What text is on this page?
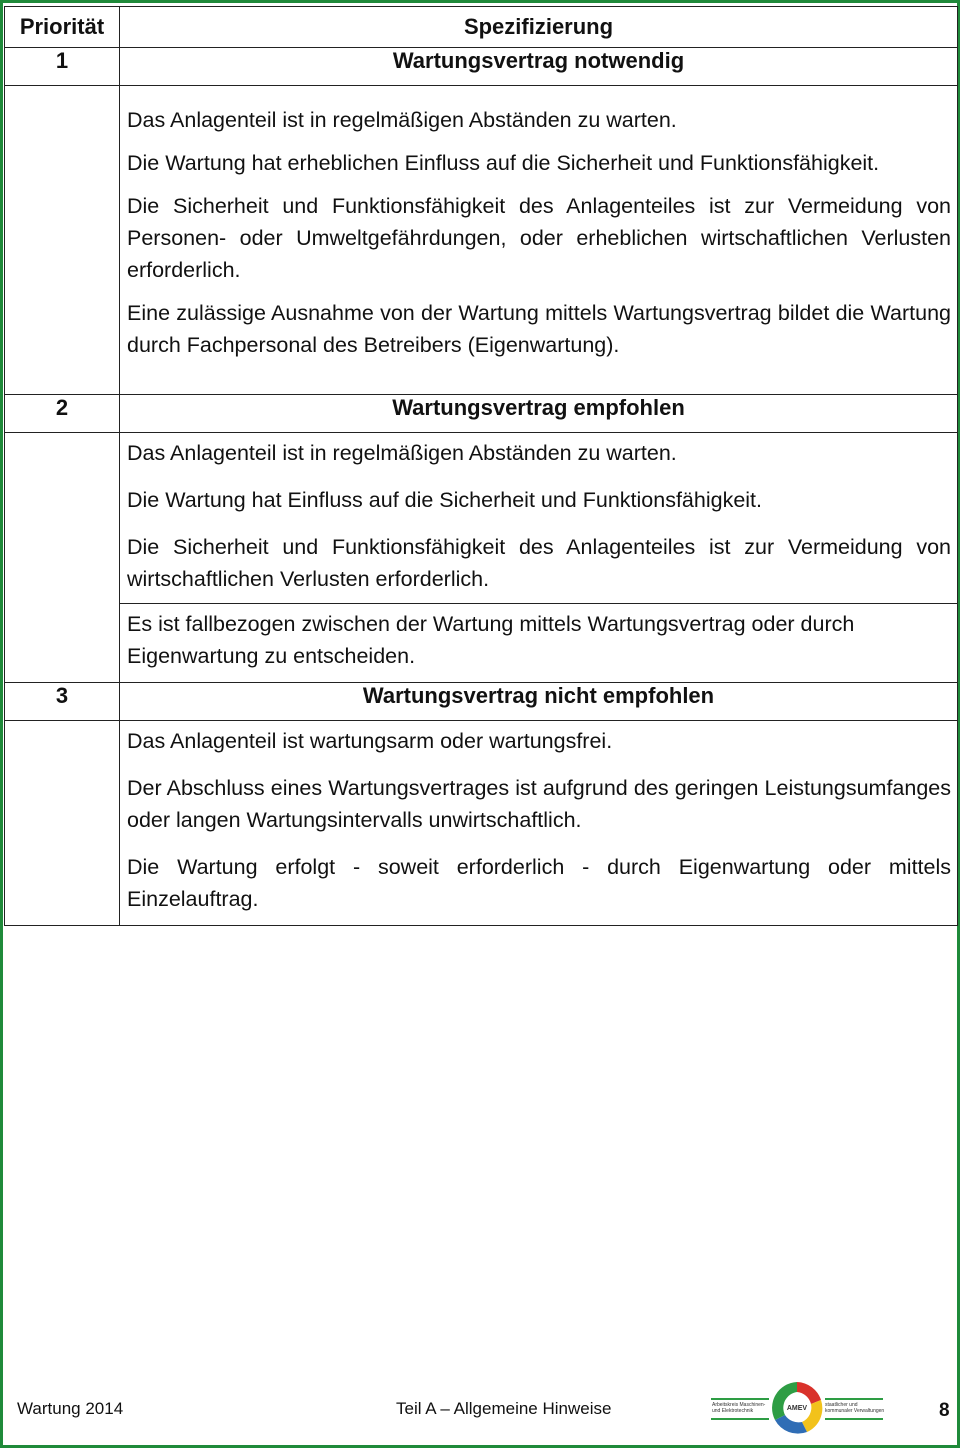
Priorität	Spezifizierung
1	Wartungsvertrag notwendig

	Das Anlagenteil ist in regelmäßigen Abständen zu warten.

Die Wartung hat erheblichen Einfluss auf die Sicherheit und Funktionsfähigkeit.

Die Sicherheit und Funktionsfähigkeit des Anlagenteiles ist zur Vermeidung von Personen- oder Umweltgefährdungen, oder erheblichen wirtschaftlichen Verlusten erforderlich.

Eine zulässige Ausnahme von der Wartung mittels Wartungsvertrag bildet die Wartung durch Fachpersonal des Betreibers (Eigenwartung).

2	Wartungsvertrag empfohlen

	Das Anlagenteil ist in regelmäßigen Abständen zu warten.

Die Wartung hat Einfluss auf die Sicherheit und Funktionsfähigkeit.

Die Sicherheit und Funktionsfähigkeit des Anlagenteiles ist zur Vermeidung von wirtschaftlichen Verlusten erforderlich.

	Es ist fallbezogen zwischen der Wartung mittels Wartungsvertrag oder durch Eigenwartung zu entscheiden.

3	Wartungsvertrag nicht empfohlen

	Das Anlagenteil ist wartungsarm oder wartungsfrei.

Der Abschluss eines Wartungsvertrages ist aufgrund des geringen Leistungsumfanges oder langen Wartungsintervalls unwirtschaftlich.

Die Wartung erfolgt - soweit erforderlich - durch Eigenwartung oder mittels Einzelauftrag.

Wartung 2014	Teil A – Allgemeine Hinweise	Arbeitskreis Maschinen- und Elektrotechnik
staatlicher und kommunaler Verwaltungen
AMEV	8
